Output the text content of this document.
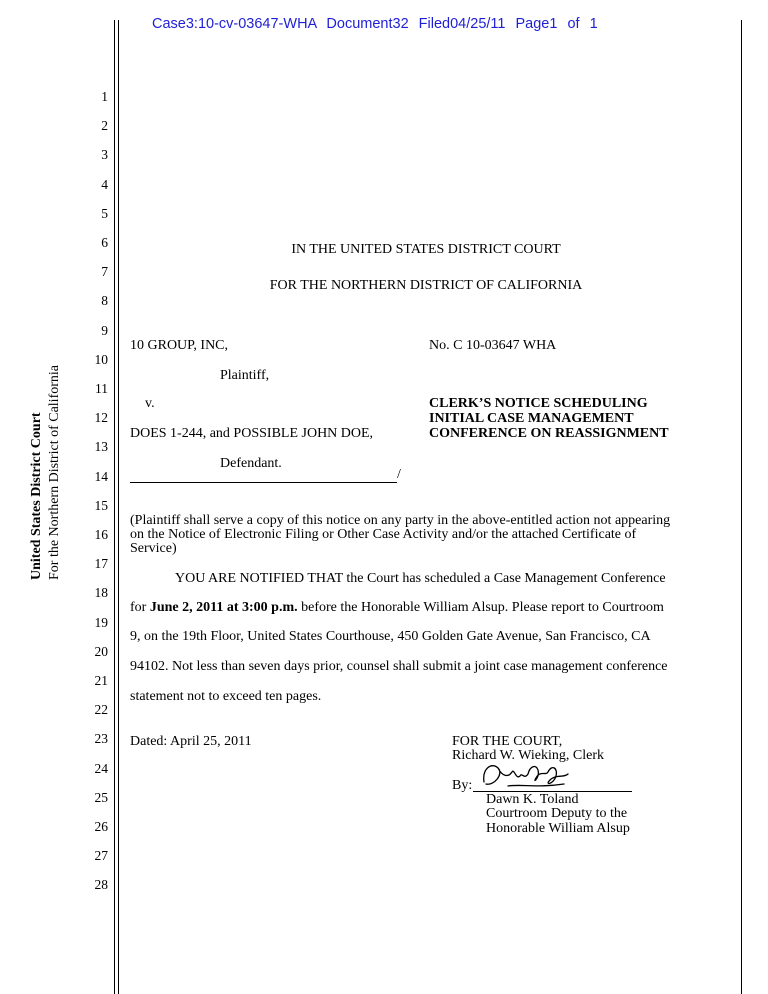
Case3:10-cv-03647-WHA Document32 Filed04/25/11 Page1 of 1
United States District Court For the Northern District of California
1
2
3
4
5
6
7
8
9
10
11
12
13
14
15
16
17
18
19
20
21
22
23
24
25
26
27
28
IN THE UNITED STATES DISTRICT COURT
FOR THE NORTHERN DISTRICT OF CALIFORNIA
10 GROUP, INC,
Plaintiff,
v.
DOES 1-244, and POSSIBLE JOHN DOE,
Defendant.
/
No. C 10-03647 WHA
CLERK’S NOTICE SCHEDULING
INITIAL CASE MANAGEMENT
CONFERENCE ON REASSIGNMENT
(Plaintiff shall serve a copy of this notice on any party in the above-entitled action not appearing
on the Notice of Electronic Filing or Other Case Activity and/or the attached Certificate of
Service)
YOU ARE NOTIFIED THAT the Court has scheduled a Case Management Conference
for June 2, 2011 at 3:00 p.m. before the Honorable William Alsup. Please report to Courtroom
9, on the 19th Floor, United States Courthouse, 450 Golden Gate Avenue, San Francisco, CA
94102. Not less than seven days prior, counsel shall submit a joint case management conference
statement not to exceed ten pages.
Dated: April 25, 2011	FOR THE COURT,
Richard W. Wieking, Clerk
By:
Dawn K. Toland
Courtroom Deputy to the
Honorable William Alsup
